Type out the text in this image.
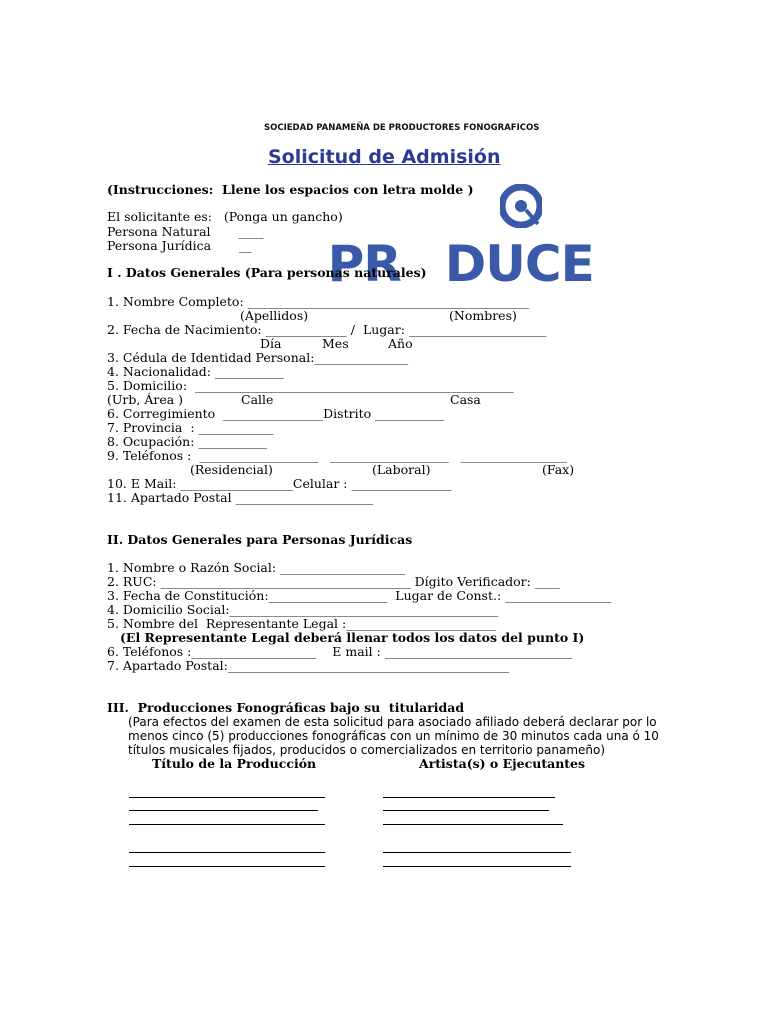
PR
DUCE

SOCIEDAD PANAMEÑA DE PRODUCTORES FONOGRAFICOS

Solicitud de Admisión
(Instrucciones:  Llene los espacios con letra molde )
El solicitante es:   (Ponga un gancho)
Persona Natural       ____
Persona Jurídica       __
I . Datos Generales (Para personas naturales)
1. Nombre Completo: _____________________________________________
(Apellidos)	(Nombres)
2. Fecha de Nacimiento: _____________ /  Lugar: ______________________
Día	Mes	Año
3. Cédula de Identidad Personal:_______________
4. Nacionalidad: ___________
5. Domicilio:  ___________________________________________________
(Urb, Área )	Calle	Casa
6. Corregimiento  ________________Distrito ___________
7. Provincia  : ____________
8. Ocupación: ___________
9. Teléfonos :  ___________________   ___________________   _________________
(Residencial)	(Laboral)	(Fax)
10. E Mail: __________________Celular : ________________
11. Apartado Postal ______________________
II. Datos Generales para Personas Jurídicas
1. Nombre o Razón Social: ____________________
2. RUC: ________________________________________ Dígito Verificador: ____
3. Fecha de Constitución:___________________  Lugar de Const.: _________________
4. Domicilio Social:___________________________________________
5. Nombre del  Representante Legal :________________________
(El Representante Legal deberá llenar todos los datos del punto I)
6. Teléfonos :____________________    E mail : ______________________________
7. Apartado Postal:_____________________________________________
III.  Producciones Fonográficas bajo su  titularidad
(Para efectos del examen de esta solicitud para asociado afiliado deberá declarar por lo
menos cinco (5) producciones fonográficas con un mínimo de 30 minutos cada una ó 10
títulos musicales fijados, producidos o comercializados en territorio panameño)
Título de la Producción	Artista(s) o Ejecutantes
